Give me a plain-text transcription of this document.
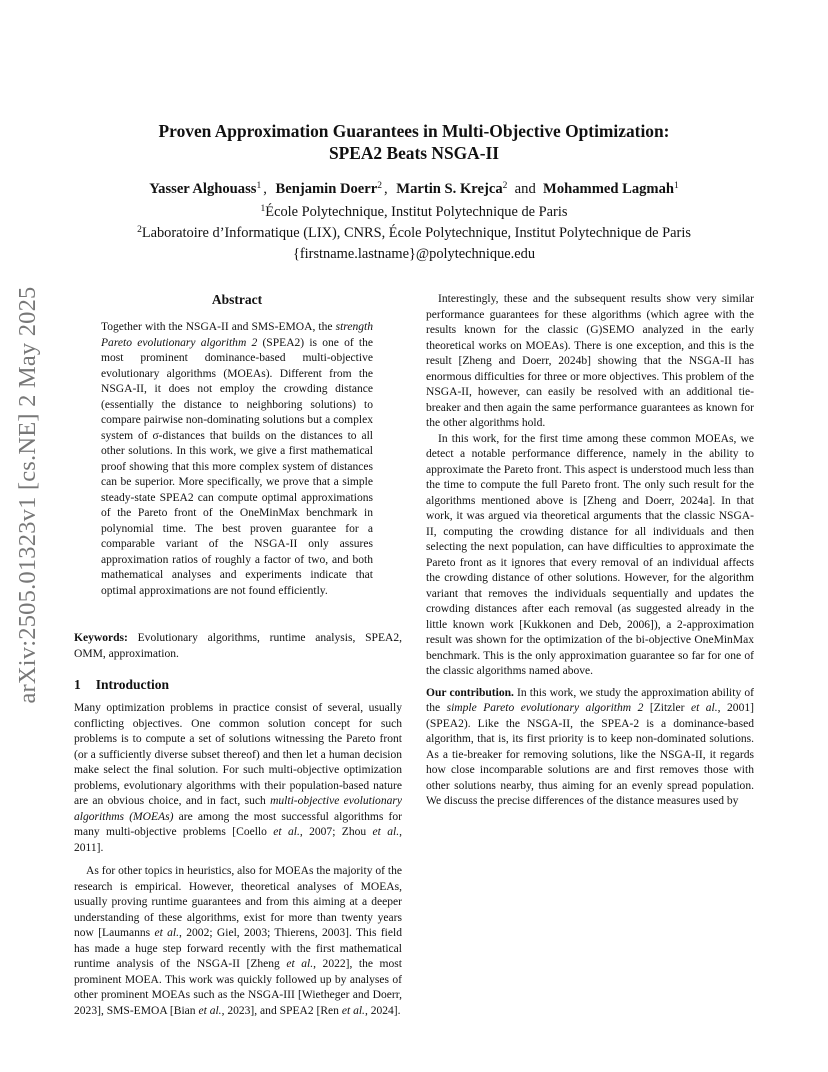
arXiv:2505.01323v1 [cs.NE] 2 May 2025
Proven Approximation Guarantees in Multi-Objective Optimization:
SPEA2 Beats NSGA-II
Yasser Alghouass$^1$ , Benjamin Doerr$^2$ , Martin S. Krejca$^2$ and Mohammed Lagmah$^1$
$^1$École Polytechnique, Institut Polytechnique de Paris
$^2$Laboratoire d’Informatique (LIX), CNRS, École Polytechnique, Institut Polytechnique de Paris
{firstname.lastname}@polytechnique.edu
Abstract

Together with the NSGA-II and SMS-EMOA, the strength Pareto evolutionary algorithm 2 (SPEA2) is one of the most prominent dominance-based multi-objective evolutionary algorithms (MOEAs). Different from the NSGA-II, it does not employ the crowding distance (essentially the distance to neighboring solutions) to compare pairwise non-dominating solutions but a complex system of σ-distances that builds on the distances to all other solutions. In this work, we give a first mathematical proof showing that this more complex system of distances can be superior. More specifically, we prove that a simple steady-state SPEA2 can compute optimal approximations of the Pareto front of the OneMinMax benchmark in polynomial time. The best proven guarantee for a comparable variant of the NSGA-II only assures approximation ratios of roughly a factor of two, and both mathematical analyses and experiments indicate that optimal approximations are not found efficiently.

Keywords: Evolutionary algorithms, runtime analysis, SPEA2, OMM, approximation.

1 Introduction

Many optimization problems in practice consist of several, usually conflicting objectives. One common solution concept for such problems is to compute a set of solutions witnessing the Pareto front (or a sufficiently diverse subset thereof) and then let a human decision make select the final solution. For such multi-objective optimization problems, evolutionary algorithms with their population-based nature are an obvious choice, and in fact, such multi-objective evolutionary algorithms (MOEAs) are among the most successful algorithms for many multi-objective problems [Coello et al., 2007; Zhou et al., 2011].

As for other topics in heuristics, also for MOEAs the majority of the research is empirical. However, theoretical analyses of MOEAs, usually proving runtime guarantees and from this aiming at a deeper understanding of these algorithms, exist for more than twenty years now [Laumanns et al., 2002; Giel, 2003; Thierens, 2003]. This field has made a huge step forward recently with the first mathematical runtime analysis of the NSGA-II [Zheng et al., 2022], the most prominent MOEA. This work was quickly followed up by analyses of other prominent MOEAs such as the NSGA-III [Wietheger and Doerr, 2023], SMS-EMOA [Bian et al., 2023], and SPEA2 [Ren et al., 2024].

Interestingly, these and the subsequent results show very similar performance guarantees for these algorithms (which agree with the results known for the classic (G)SEMO analyzed in the early theoretical works on MOEAs). There is one exception, and this is the result [Zheng and Doerr, 2024b] showing that the NSGA-II has enormous difficulties for three or more objectives. This problem of the NSGA-II, however, can easily be resolved with an additional tie-breaker and then again the same performance guarantees as known for the other algorithms hold.

In this work, for the first time among these common MOEAs, we detect a notable performance difference, namely in the ability to approximate the Pareto front. This aspect is understood much less than the time to compute the full Pareto front. The only such result for the algorithms mentioned above is [Zheng and Doerr, 2024a]. In that work, it was argued via theoretical arguments that the classic NSGA-II, computing the crowding distance for all individuals and then selecting the next population, can have difficulties to approximate the Pareto front as it ignores that every removal of an individual affects the crowding distance of other solutions. However, for the algorithm variant that removes the individuals sequentially and updates the crowding distances after each removal (as suggested already in the little known work [Kukkonen and Deb, 2006]), a 2-approximation result was shown for the optimization of the bi-objective OneMinMax benchmark. This is the only approximation guarantee so far for one of the classic algorithms named above.

Our contribution. In this work, we study the approximation ability of the simple Pareto evolutionary algorithm 2 [Zitzler et al., 2001] (SPEA2). Like the NSGA-II, the SPEA-2 is a dominance-based algorithm, that is, its first priority is to keep non-dominated solutions. As a tie-breaker for removing solutions, like the NSGA-II, it regards how close incomparable solutions are and first removes those with other solutions nearby, thus aiming for an evenly spread population. We discuss the precise differences of the distance measures used by
